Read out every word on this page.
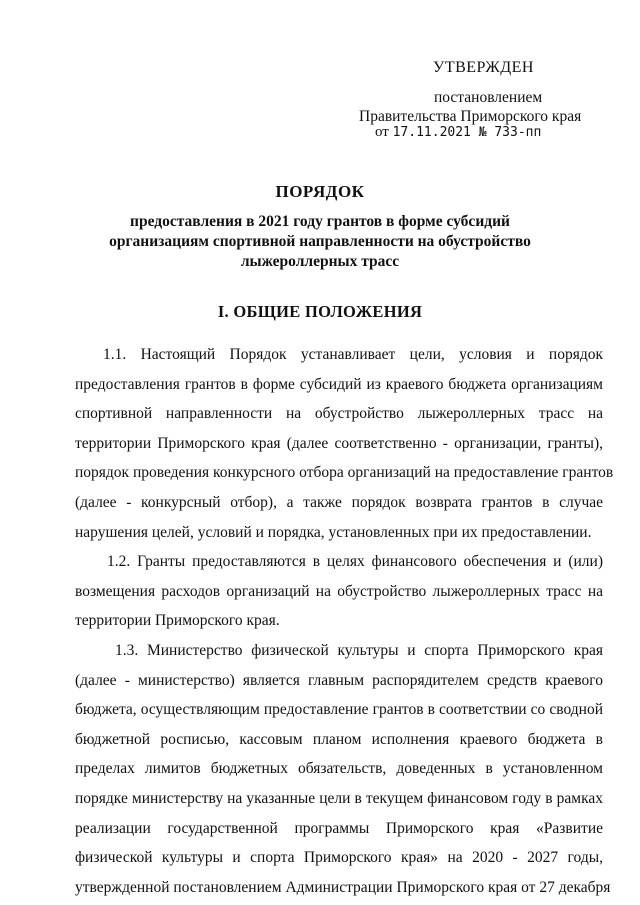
УТВЕРЖДЕН
постановлением
Правительства Приморского края
от 17.11.2021 № 733-пп
ПОРЯДОК
предоставления в 2021 году грантов в форме субсидий
организациям спортивной направленности на обустройство
лыжероллерных трасс
I. ОБЩИЕ ПОЛОЖЕНИЯ
1.1. Настоящий Порядок устанавливает цели, условия и порядок
предоставления грантов в форме субсидий из краевого бюджета организациям
спортивной направленности на обустройство лыжероллерных трасс на
территории Приморского края (далее соответственно - организации, гранты),
порядок проведения конкурсного отбора организаций на предоставление грантов
(далее - конкурсный отбор), а также порядок возврата грантов в случае
нарушения целей, условий и порядка, установленных при их предоставлении.
1.2. Гранты предоставляются в целях финансового обеспечения и (или)
возмещения расходов организаций на обустройство лыжероллерных трасс на
территории Приморского края.
1.3. Министерство физической культуры и спорта Приморского края
(далее - министерство) является главным распорядителем средств краевого
бюджета, осуществляющим предоставление грантов в соответствии со сводной
бюджетной росписью, кассовым планом исполнения краевого бюджета в
пределах лимитов бюджетных обязательств, доведенных в установленном
порядке министерству на указанные цели в текущем финансовом году в рамках
реализации государственной программы Приморского края «Развитие
физической культуры и спорта Приморского края» на 2020 - 2027 годы,
утвержденной постановлением Администрации Приморского края от 27 декабря
